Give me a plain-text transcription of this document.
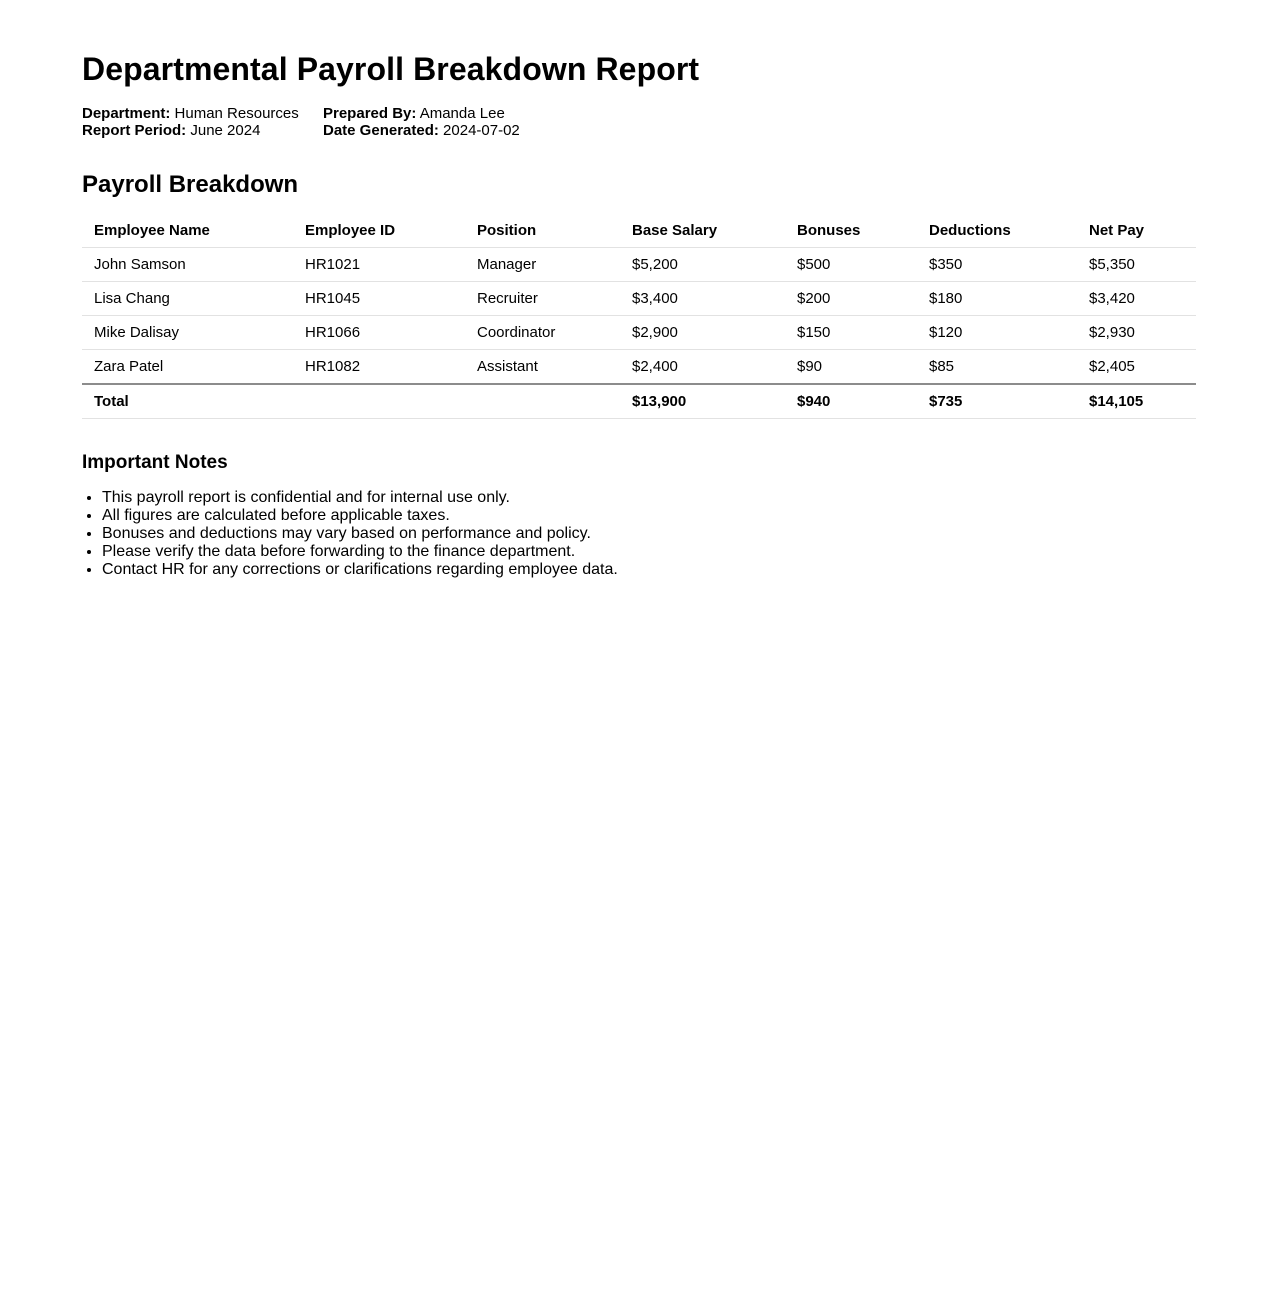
Departmental Payroll Breakdown Report
Department: Human Resources
Report Period: June 2024
Prepared By: Amanda Lee
Date Generated: 2024-07-02
Payroll Breakdown
Employee Name	Employee ID	Position	Base Salary	Bonuses	Deductions	Net Pay
John Samson	HR1021	Manager	$5,200	$500	$350	$5,350
Lisa Chang	HR1045	Recruiter	$3,400	$200	$180	$3,420
Mike Dalisay	HR1066	Coordinator	$2,900	$150	$120	$2,930
Zara Patel	HR1082	Assistant	$2,400	$90	$85	$2,405
Total			$13,900	$940	$735	$14,105
Important Notes
• This payroll report is confidential and for internal use only.
• All figures are calculated before applicable taxes.
• Bonuses and deductions may vary based on performance and policy.
• Please verify the data before forwarding to the finance department.
• Contact HR for any corrections or clarifications regarding employee data.
